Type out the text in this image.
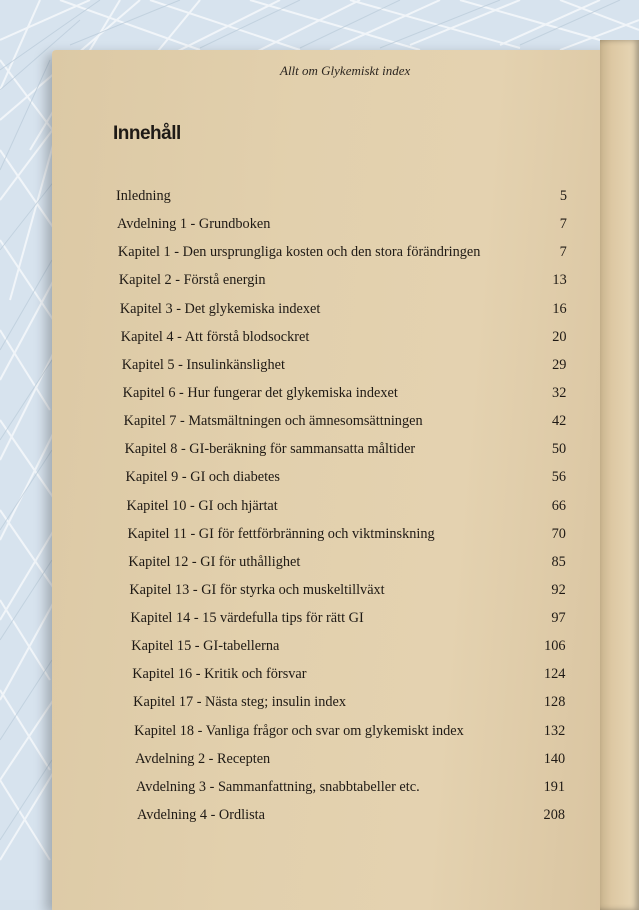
Allt om Glykemiskt index
Innehåll
Inledning	5
Avdelning 1 - Grundboken	7
Kapitel 1 - Den ursprungliga kosten och den stora förändringen	7
Kapitel 2 - Förstå energin	13
Kapitel 3 - Det glykemiska indexet	16
Kapitel 4 - Att förstå blodsockret	20
Kapitel 5 - Insulinkänslighet	29
Kapitel 6 - Hur fungerar det glykemiska indexet	32
Kapitel 7 - Matsmältningen och ämnesomsättningen	42
Kapitel 8 - GI-beräkning för sammansatta måltider	50
Kapitel 9 - GI och diabetes	56
Kapitel 10 - GI och hjärtat	66
Kapitel 11 - GI för fettförbränning och viktminskning	70
Kapitel 12 - GI för uthållighet	85
Kapitel 13 - GI för styrka och muskeltillväxt	92
Kapitel 14 - 15 värdefulla tips för rätt GI	97
Kapitel 15 - GI-tabellerna	106
Kapitel 16 - Kritik och försvar	124
Kapitel 17 - Nästa steg; insulin index	128
Kapitel 18 - Vanliga frågor och svar om glykemiskt index	132
Avdelning 2 - Recepten	140
Avdelning 3 - Sammanfattning, snabbtabeller etc.	191
Avdelning 4 - Ordlista	208
